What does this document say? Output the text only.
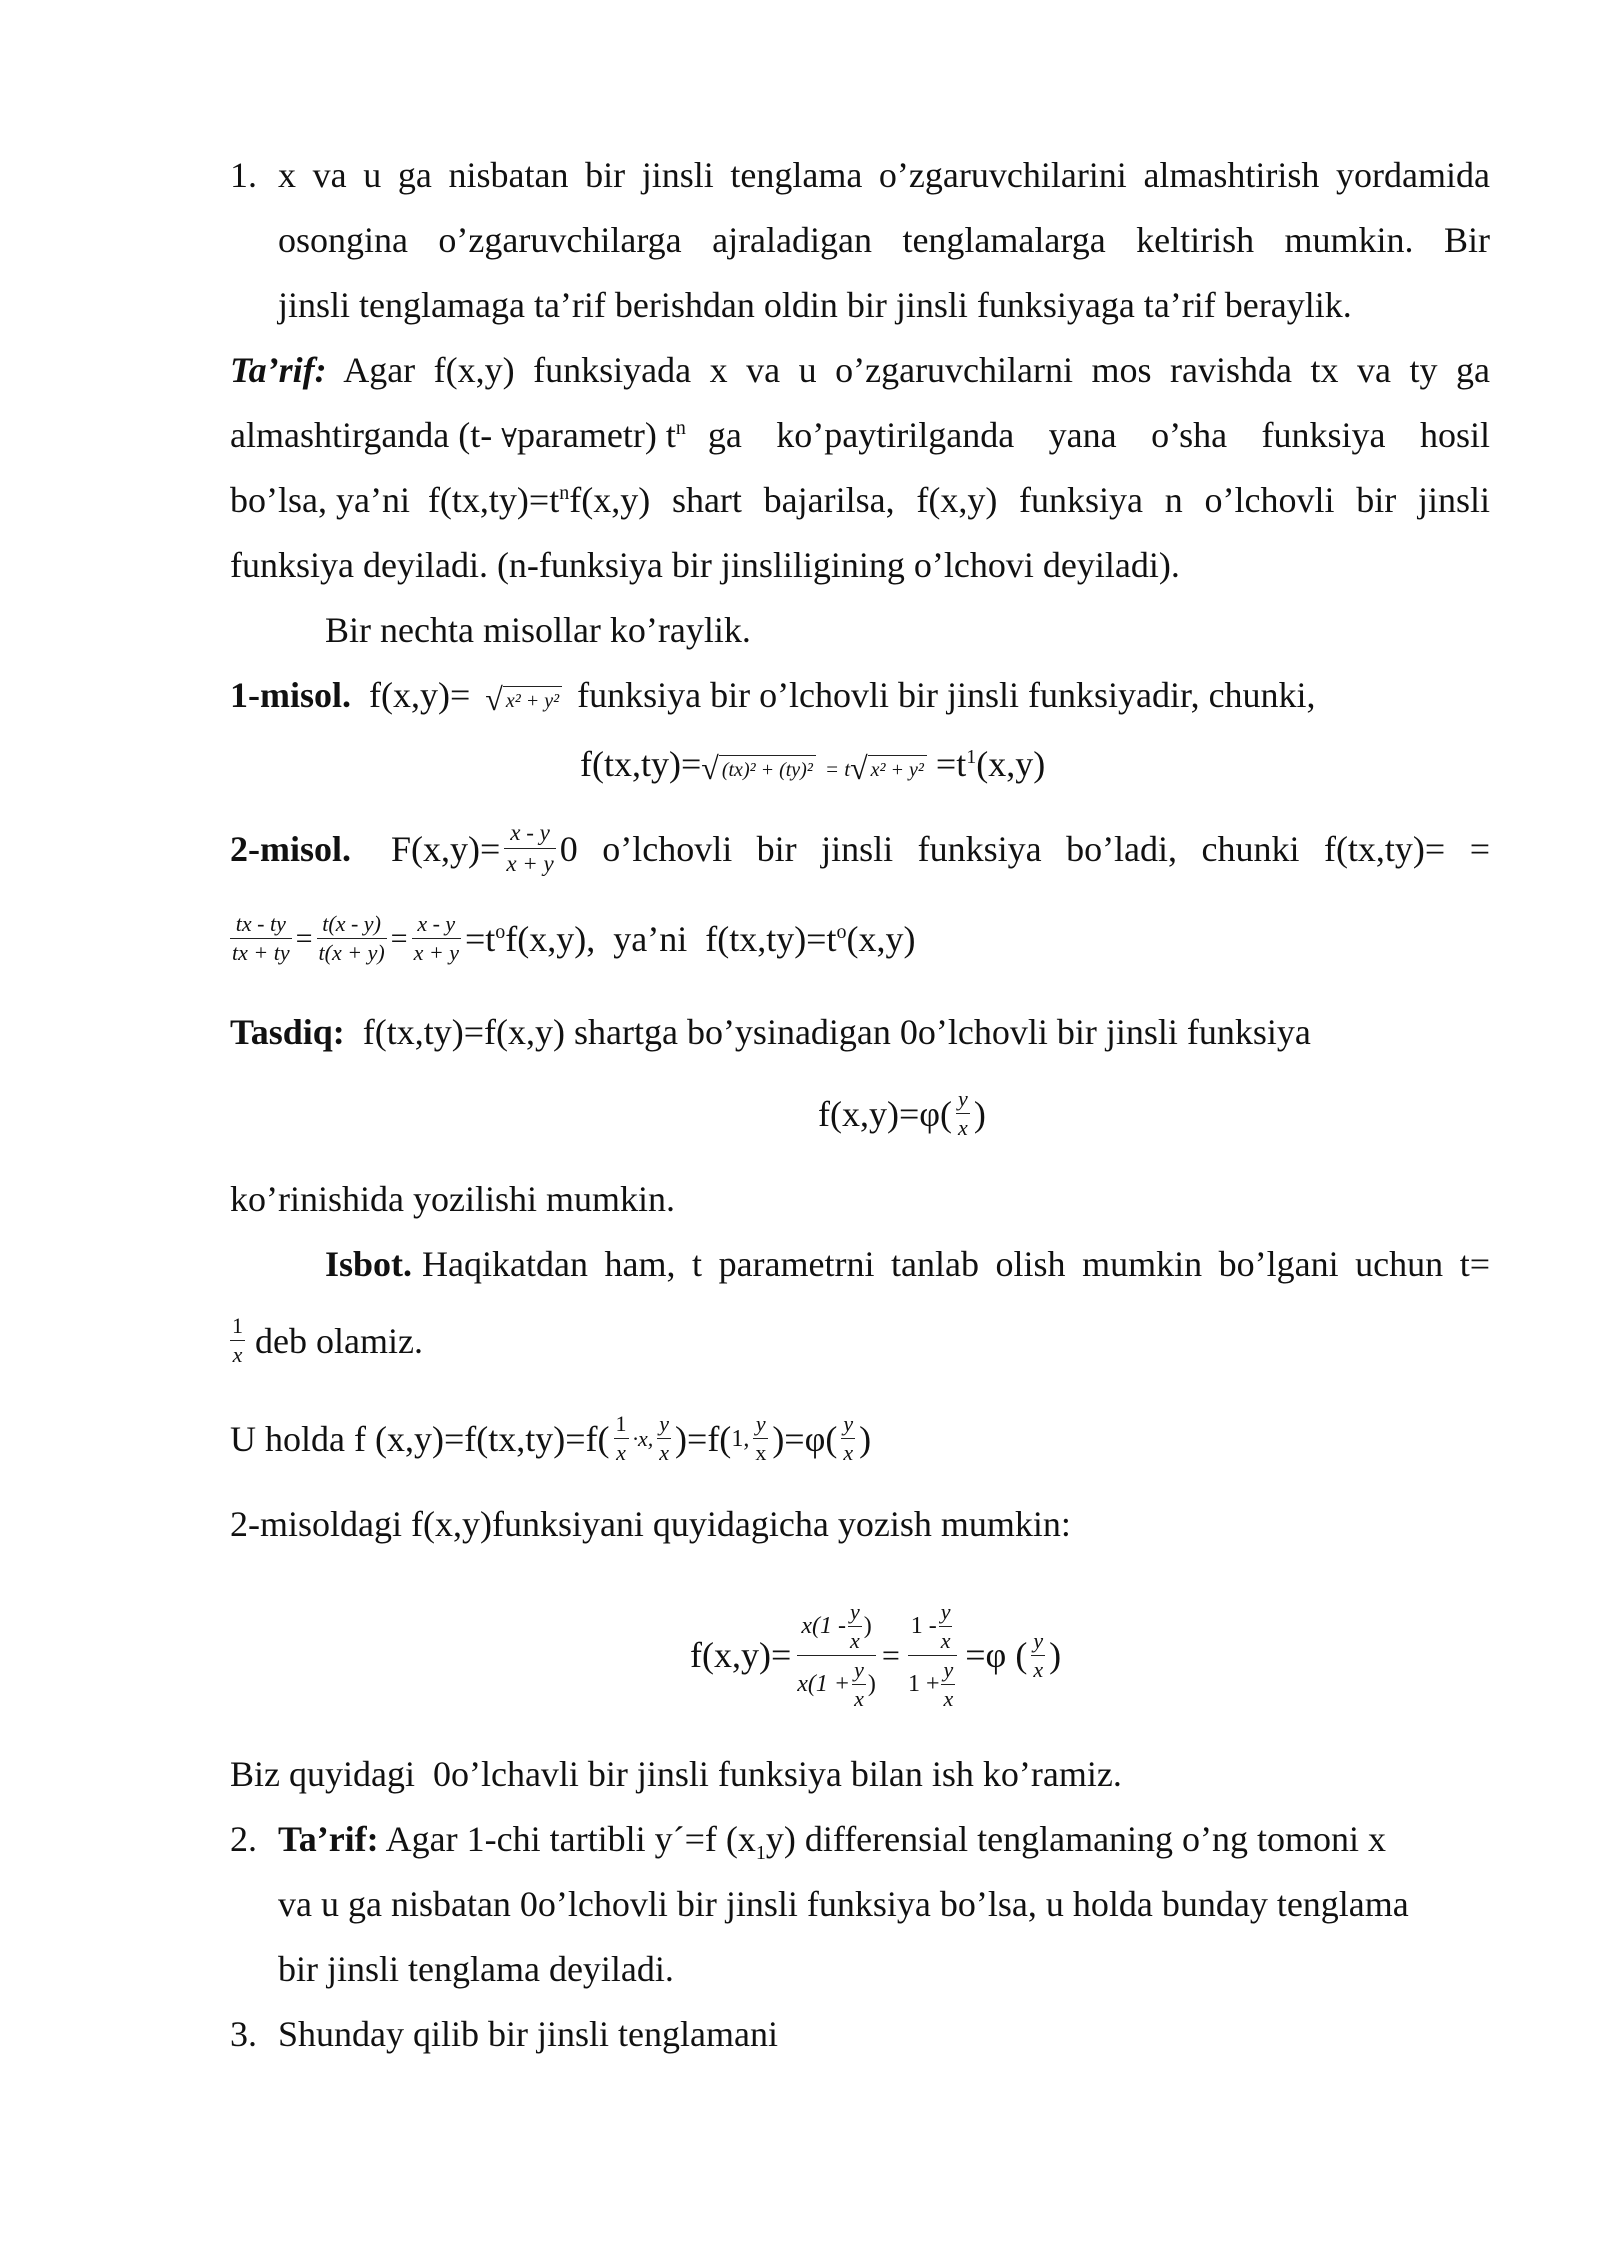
1. x va u ga nisbatan bir jinsli tenglama o’zgaruvchilarini almashtirish yordamida
osongina o’zgaruvchilarga ajraladigan tenglamalarga keltirish mumkin. Bir
jinsli tenglamaga ta’rif berishdan oldin bir jinsli funksiyaga ta’rif beraylik.
Ta’rif: Agar f(x,y) funksiyada x va u o’zgaruvchilarni mos ravishda tx va ty ga
almashtirganda (t- ∀parametr) $t^n$ ga ko’paytirilganda yana o’sha funksiya hosil
bo’lsa, ya’ni  $f(tx,ty)=t^n$ f(x,y) shart bajarilsa, f(x,y) funksiya n o’lchovli bir jinsli
funksiya deyiladi. (n-funksiya bir jinsliligining o’lchovi deyiladi).
Bir nechta misollar ko’raylik.
1-misol. f(x,y)= √ x² + y² funksiya bir o’lchovli bir jinsli funksiyadir, chunki,
f(tx,ty)= √ (tx)² + (ty)² = t √ $x^2 + y^2 =t^1(x,y)$
2-misol. $F(x,y)= \frac{x - y}{x + y} 0$ o’lchovli bir jinsli funksiya bo’ladi, chunki f(tx,ty)= =
$\frac{tx - ty}{tx + ty} = \frac{t(x - y)}{t(x + y)} = \frac{x - y}{x + y} =t^of(x,y)$,  ya’ni  $f(tx,ty)=t^o(x,y)$
Tasdiq: f(tx,ty)=f(x,y) shartga bo’ysinadigan 0o’lchovli bir jinsli funksiya
$f(x,y)=\varphi( \frac{y}{x}$ )
ko’rinishida yozilishi mumkin.
Isbot. Haqikatdan ham, t parametrni tanlab olish mumkin bo’lgani uchun t=
$\frac{1}{x}$ deb olamiz.
U holda f $(x,y)=f(tx,ty)=f( \frac{1}{x} \cdot x$, $\frac{y}{x} )=f$( 1, $\frac{y}{x} )=\varphi( \frac{y}{x}$ )
2-misoldagi f(x,y)funksiyani quyidagicha yozish mumkin:
f(x,y)=
$x(1 - \frac{y}{x}$ )
$x(1 + \frac{y}{x}$ )
=
$1 - \frac{y}{x}$
$1 + \frac{y}{x}$
=φ ( $\frac{y}{x}$ )
Biz quyidagi  0o’lchavli bir jinsli funksiya bilan ish ko’ramiz.
2. Ta’rif: Agar 1-chi tartibli y´=f $(x_1y)$ differensial tenglamaning o’ng tomoni x
va u ga nisbatan 0o’lchovli bir jinsli funksiya bo’lsa, u holda bunday tenglama
bir jinsli tenglama deyiladi.
3. Shunday qilib bir jinsli tenglamani
